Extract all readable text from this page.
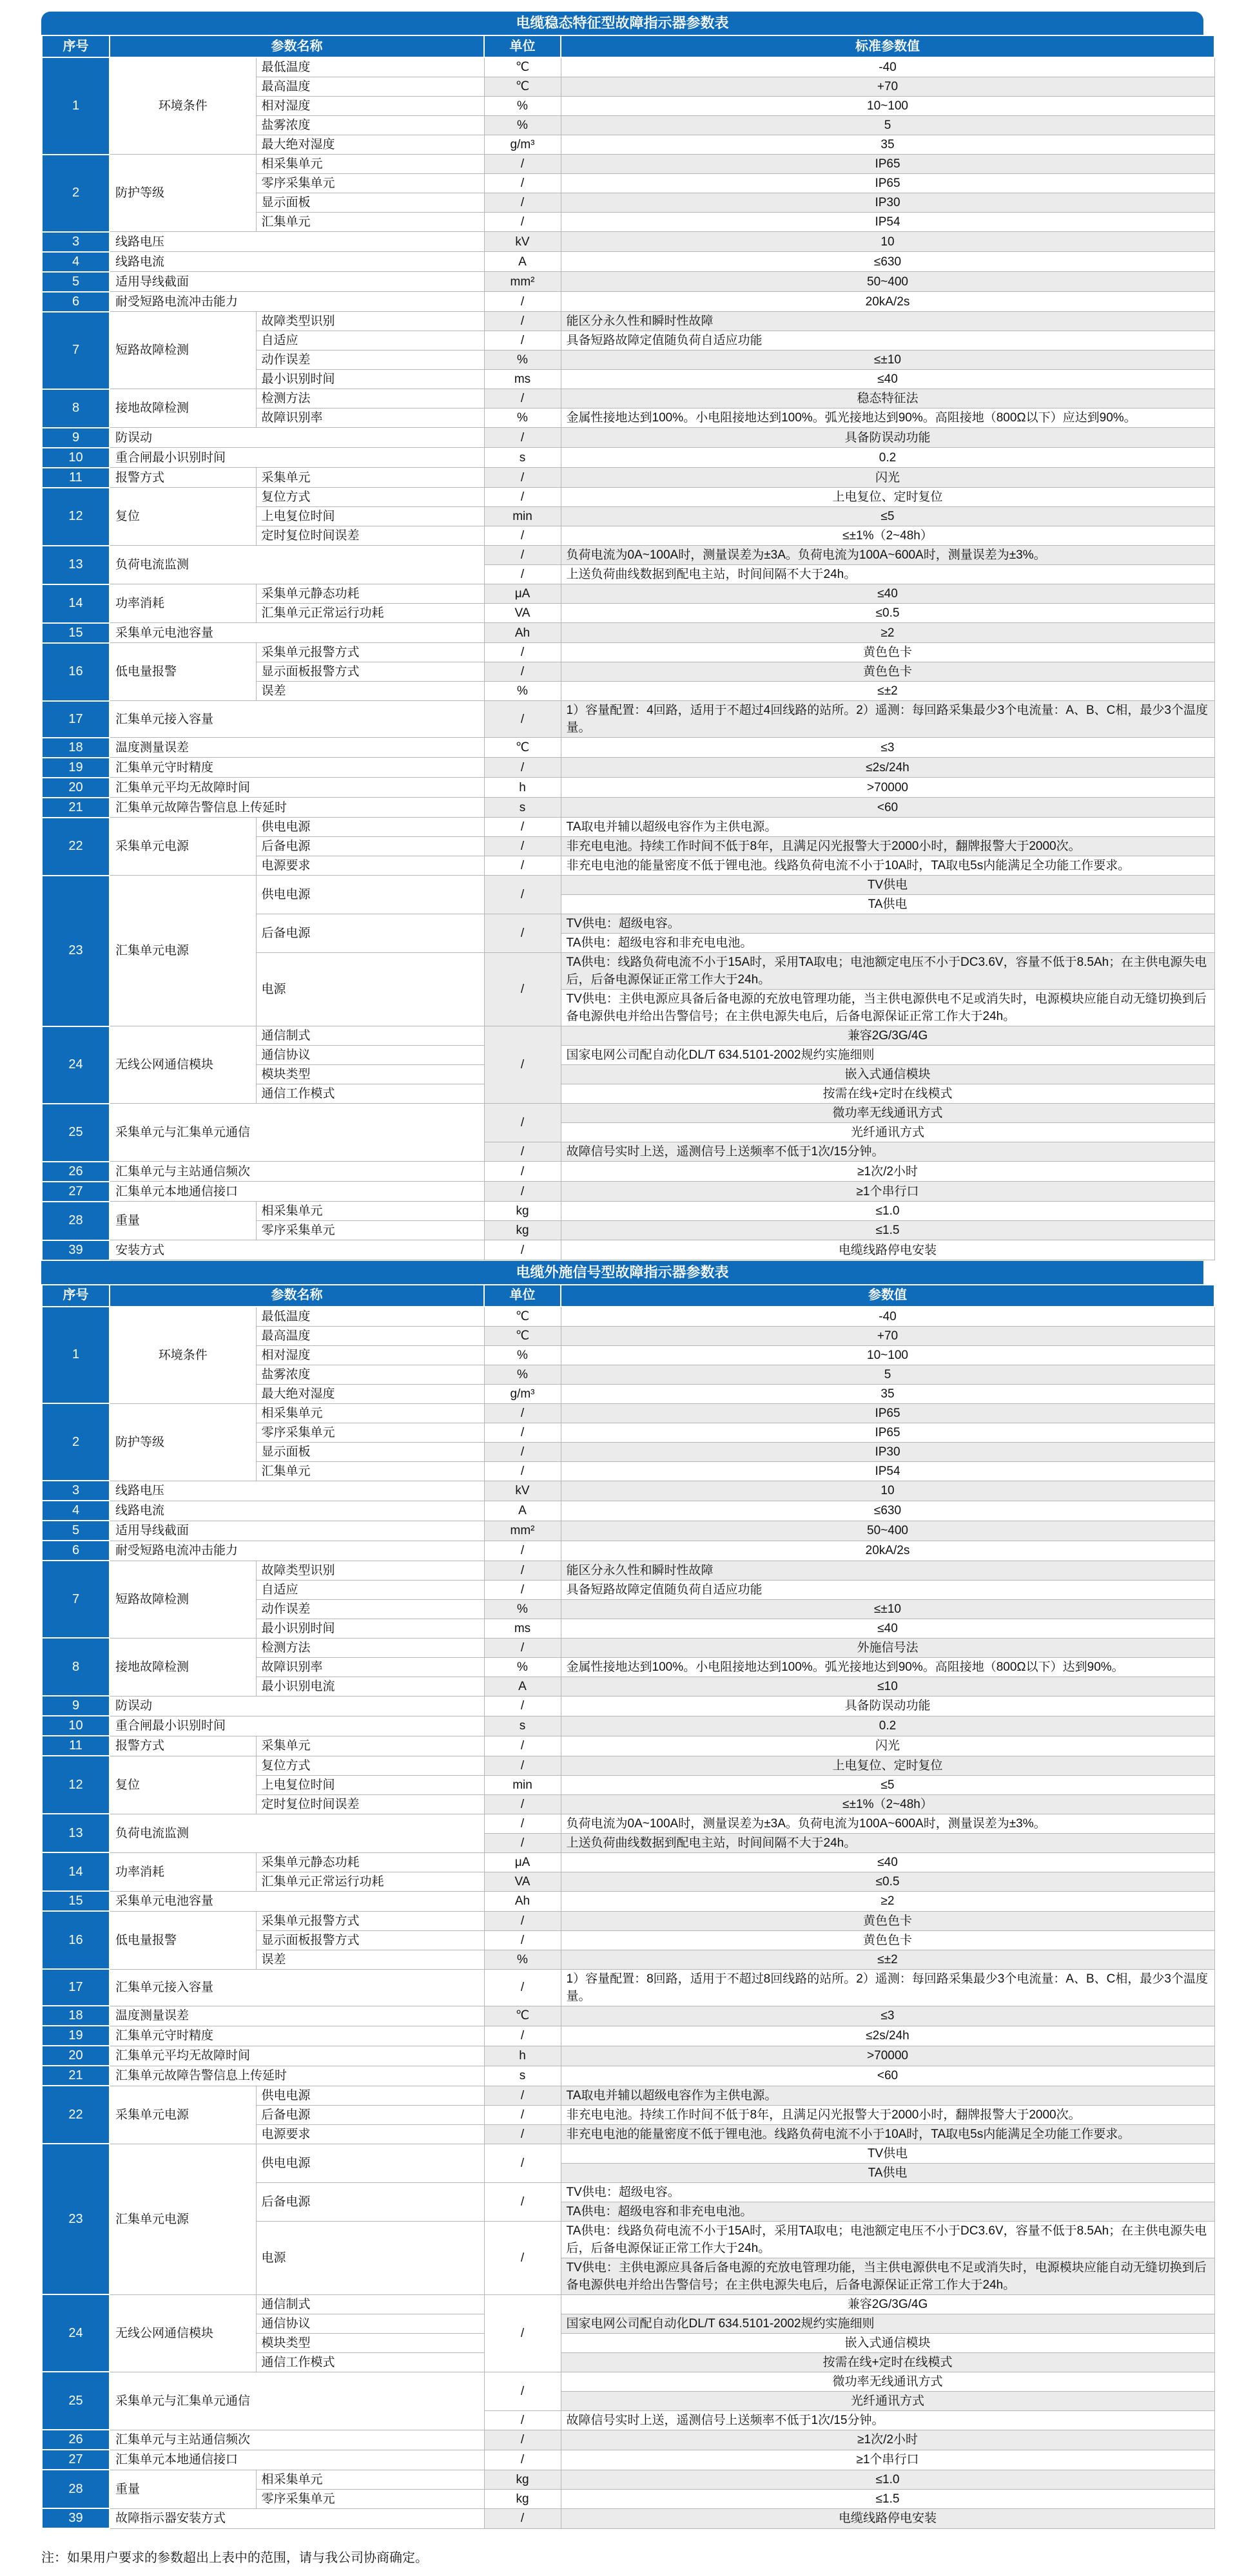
电缆稳态特征型故障指示器参数表
序号	参数名称		单位	标准参数值
1	环境条件	最低温度	℃	-40
		最高温度	℃	+70
		相对湿度	%	10~100
		盐雾浓度	%	5
		最大绝对湿度	g/m³	35
2	防护等级	相采集单元	/	IP65
		零序采集单元	/	IP65
		显示面板	/	IP30
		汇集单元	/	IP54
3	线路电压		kV	10
4	线路电流		A	≤630
5	适用导线截面		mm²	50~400
6	耐受短路电流冲击能力		/	20kA/2s
7	短路故障检测	故障类型识别	/	能区分永久性和瞬时性故障
		自适应	/	具备短路故障定值随负荷自适应功能
		动作误差	%	≤±10
		最小识别时间	ms	≤40
8	接地故障检测	检测方法	/	稳态特征法
		故障识别率	%	金属性接地达到100%。小电阻接地达到100%。弧光接地达到90%。高阻接地（800Ω以下）应达到90%。
9	防误动		/	具备防误动功能
10	重合闸最小识别时间		s	0.2
11	报警方式	采集单元	/	闪光
12	复位	复位方式	/	上电复位、定时复位
		上电复位时间	min	≤5
		定时复位时间误差	/	≤±1%（2~48h）
13	负荷电流监测		/	负荷电流为0A~100A时，测量误差为±3A。负荷电流为100A~600A时，测量误差为±3%。
			/	上送负荷曲线数据到配电主站，时间间隔不大于24h。
14	功率消耗	采集单元静态功耗	μA	≤40
		汇集单元正常运行功耗	VA	≤0.5
15	采集单元电池容量		Ah	≥2
16	低电量报警	采集单元报警方式	/	黄色色卡
		显示面板报警方式	/	黄色色卡
		误差	%	≤±2
17	汇集单元接入容量		/	1）容量配置：4回路，适用于不超过4回线路的站所。2）遥测：每回路采集最少3个电流量：A、B、C相，最少3个温度量。
18	温度测量误差		℃	≤3
19	汇集单元守时精度		/	≤2s/24h
20	汇集单元平均无故障时间		h	>70000
21	汇集单元故障告警信息上传延时		s	<60
22	采集单元电源	供电电源	/	TA取电并辅以超级电容作为主供电源。
		后备电源	/	非充电电池。持续工作时间不低于8年，且满足闪光报警大于2000小时，翻牌报警大于2000次。
		电源要求	/	非充电电池的能量密度不低于锂电池。线路负荷电流不小于10A时，TA取电5s内能满足全功能工作要求。
23	汇集单元电源	供电电源	/	TV供电
				TA供电
		后备电源	/	TV供电：超级电容。
				TA供电：超级电容和非充电电池。
		电源	/	TA供电：线路负荷电流不小于15A时，采用TA取电；电池额定电压不小于DC3.6V，容量不低于8.5Ah；在主供电源失电后，后备电源保证正常工作大于24h。
				TV供电：主供电源应具备后备电源的充放电管理功能，当主供电源供电不足或消失时，电源模块应能自动无缝切换到后备电源供电并给出告警信号；在主供电源失电后，后备电源保证正常工作大于24h。
24	无线公网通信模块	通信制式	/	兼容2G/3G/4G
		通信协议		国家电网公司配自动化DL/T 634.5101-2002规约实施细则
		模块类型		嵌入式通信模块
		通信工作模式		按需在线+定时在线模式
25	采集单元与汇集单元通信		/	微功率无线通讯方式
				光纤通讯方式
			/	故障信号实时上送，遥测信号上送频率不低于1次/15分钟。
26	汇集单元与主站通信频次		/	≥1次/2小时
27	汇集单元本地通信接口		/	≥1个串行口
28	重量	相采集单元	kg	≤1.0
		零序采集单元	kg	≤1.5
39	安装方式		/	电缆线路停电安装
电缆外施信号型故障指示器参数表
序号	参数名称		单位	参数值
1	环境条件	最低温度	℃	-40
		最高温度	℃	+70
		相对湿度	%	10~100
		盐雾浓度	%	5
		最大绝对湿度	g/m³	35
2	防护等级	相采集单元	/	IP65
		零序采集单元	/	IP65
		显示面板	/	IP30
		汇集单元	/	IP54
3	线路电压		kV	10
4	线路电流		A	≤630
5	适用导线截面		mm²	50~400
6	耐受短路电流冲击能力		/	20kA/2s
7	短路故障检测	故障类型识别	/	能区分永久性和瞬时性故障
		自适应	/	具备短路故障定值随负荷自适应功能
		动作误差	%	≤±10
		最小识别时间	ms	≤40
8	接地故障检测	检测方法	/	外施信号法
		故障识别率	%	金属性接地达到100%。小电阻接地达到100%。弧光接地达到90%。高阻接地（800Ω以下）达到90%。
		最小识别电流	A	≤10
9	防误动		/	具备防误动功能
10	重合闸最小识别时间		s	0.2
11	报警方式	采集单元	/	闪光
12	复位	复位方式	/	上电复位、定时复位
		上电复位时间	min	≤5
		定时复位时间误差	/	≤±1%（2~48h）
13	负荷电流监测		/	负荷电流为0A~100A时，测量误差为±3A。负荷电流为100A~600A时，测量误差为±3%。
			/	上送负荷曲线数据到配电主站，时间间隔不大于24h。
14	功率消耗	采集单元静态功耗	μA	≤40
		汇集单元正常运行功耗	VA	≤0.5
15	采集单元电池容量		Ah	≥2
16	低电量报警	采集单元报警方式	/	黄色色卡
		显示面板报警方式	/	黄色色卡
		误差	%	≤±2
17	汇集单元接入容量		/	1）容量配置：8回路，适用于不超过8回线路的站所。2）遥测：每回路采集最少3个电流量：A、B、C相，最少3个温度量。
18	温度测量误差		℃	≤3
19	汇集单元守时精度		/	≤2s/24h
20	汇集单元平均无故障时间		h	>70000
21	汇集单元故障告警信息上传延时		s	<60
22	采集单元电源	供电电源	/	TA取电并辅以超级电容作为主供电源。
		后备电源	/	非充电电池。持续工作时间不低于8年，且满足闪光报警大于2000小时，翻牌报警大于2000次。
		电源要求	/	非充电电池的能量密度不低于锂电池。线路负荷电流不小于10A时，TA取电5s内能满足全功能工作要求。
23	汇集单元电源	供电电源	/	TV供电
				TA供电
		后备电源	/	TV供电：超级电容。
				TA供电：超级电容和非充电电池。
		电源	/	TA供电：线路负荷电流不小于15A时，采用TA取电；电池额定电压不小于DC3.6V，容量不低于8.5Ah；在主供电源失电后，后备电源保证正常工作大于24h。
				TV供电：主供电源应具备后备电源的充放电管理功能，当主供电源供电不足或消失时，电源模块应能自动无缝切换到后备电源供电并给出告警信号；在主供电源失电后，后备电源保证正常工作大于24h。
24	无线公网通信模块	通信制式	/	兼容2G/3G/4G
		通信协议		国家电网公司配自动化DL/T 634.5101-2002规约实施细则
		模块类型		嵌入式通信模块
		通信工作模式		按需在线+定时在线模式
25	采集单元与汇集单元通信		/	微功率无线通讯方式
				光纤通讯方式
			/	故障信号实时上送，遥测信号上送频率不低于1次/15分钟。
26	汇集单元与主站通信频次		/	≥1次/2小时
27	汇集单元本地通信接口		/	≥1个串行口
28	重量	相采集单元	kg	≤1.0
		零序采集单元	kg	≤1.5
39	故障指示器安装方式		/	电缆线路停电安装
注：如果用户要求的参数超出上表中的范围，请与我公司协商确定。
